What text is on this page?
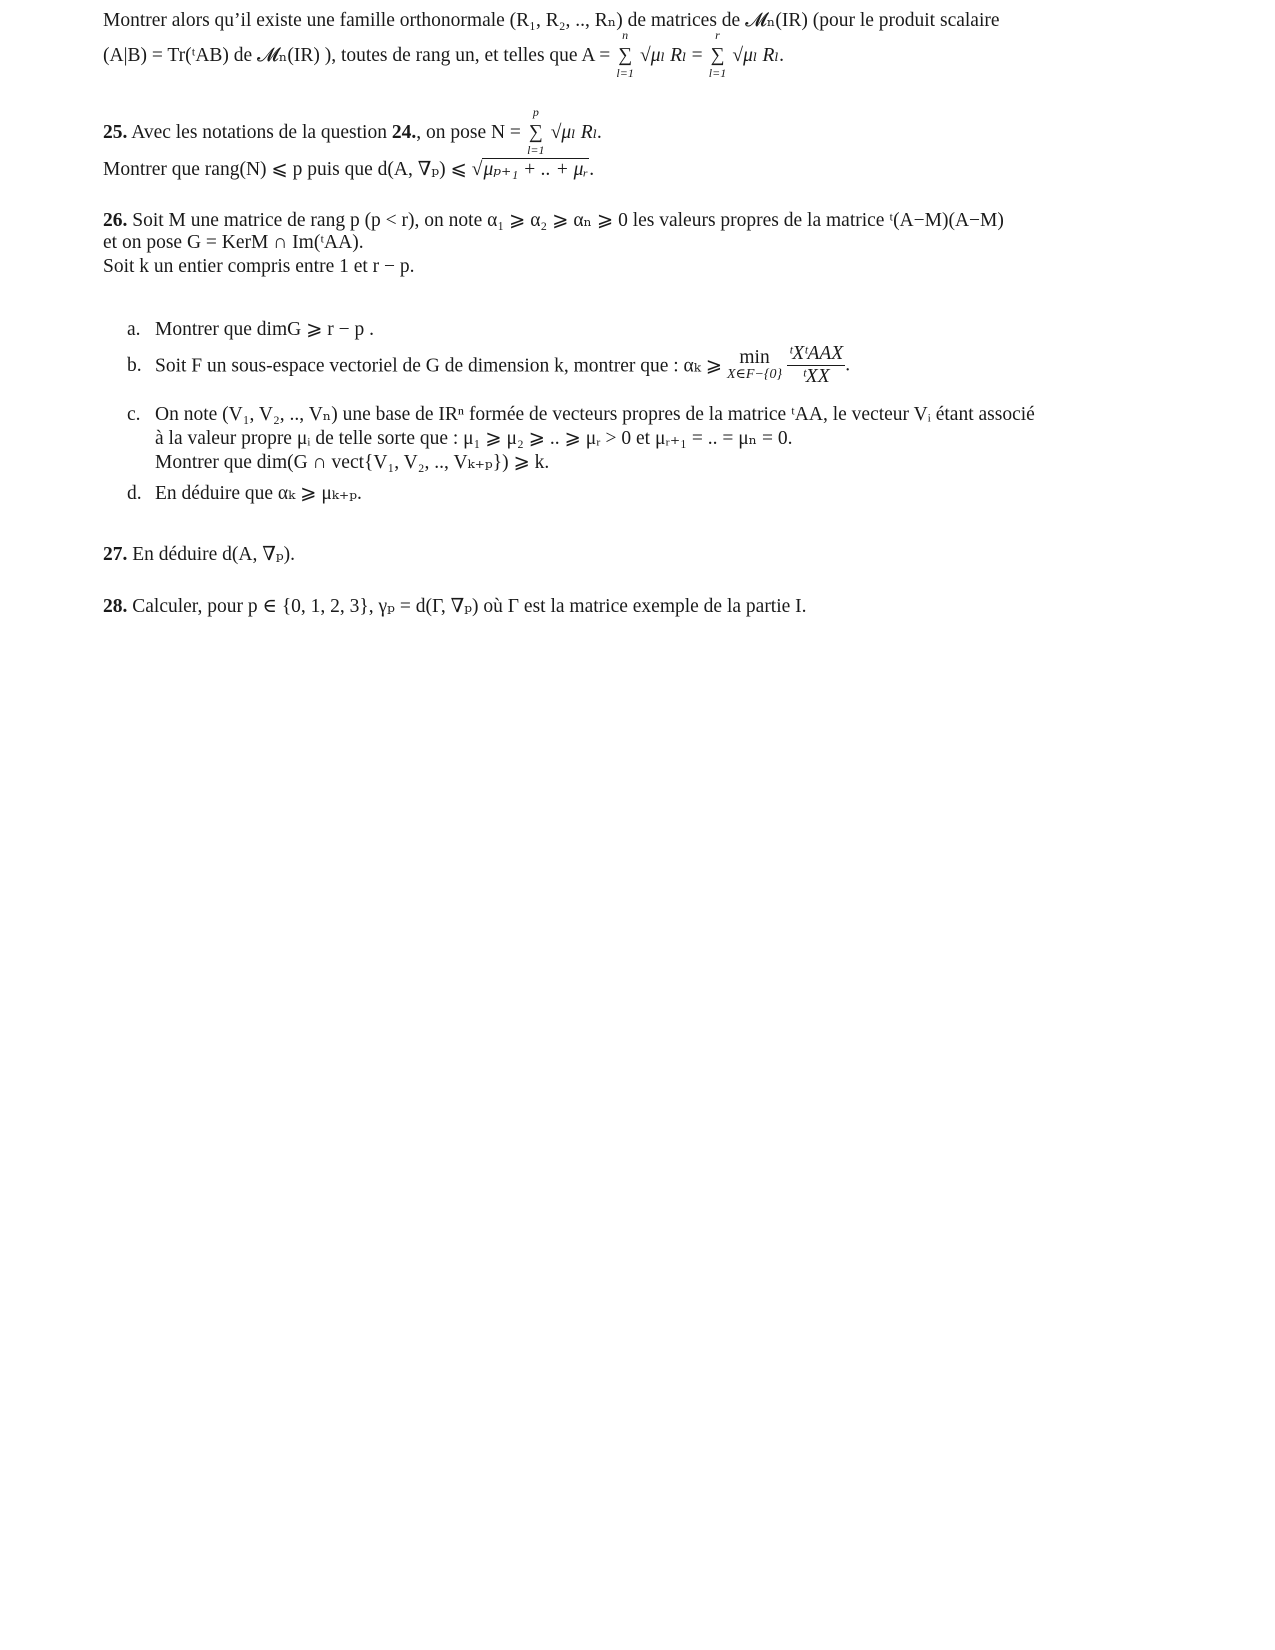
Montrer alors qu’il existe une famille orthonormale (R₁, R₂, .., Rₙ) de matrices de 𝓜ₙ(IR) (pour le produit scalaire
(A|B) = Tr(ᵗAB) de 𝓜ₙ(IR) ), toutes de rang un, et telles que A = ∑
n
l=1
√μₗ Rₗ = ∑
r
l=1
√μₗ Rₗ.
25. Avec les notations de la question 24., on pose N = ∑
p
l=1
√μₗ Rₗ.
Montrer que rang(N) ⩽ p puis que d(A, ∇ₚ) ⩽ √μₚ₊₁ + .. + μᵣ.
26. Soit M une matrice de rang p (p < r), on note α₁ ⩾ α₂ ⩾ αₙ ⩾ 0 les valeurs propres de la matrice ᵗ(A−M)(A−M)
et on pose G = KerM ∩ Im(ᵗAA).
Soit k un entier compris entre 1 et r − p.
a. Montrer que dimG ⩾ r − p .
b. Soit F un sous-espace vectoriel de G de dimension k, montrer que : αₖ ⩾ min
X∈F−{0}
$\frac{\text{ᵗXᵗAAX}}{\text{ᵗXX}}$ .
c. On note (V₁, V₂, .., Vₙ) une base de IRⁿ formée de vecteurs propres de la matrice ᵗAA, le vecteur Vᵢ étant associé
à la valeur propre μᵢ de telle sorte que : μ₁ ⩾ μ₂ ⩾ .. ⩾ μᵣ > 0 et μᵣ₊₁ = .. = μₙ = 0.
Montrer que dim(G ∩ vect{V₁, V₂, .., Vₖ₊ₚ}) ⩾ k.
d. En déduire que αₖ ⩾ μₖ₊ₚ.
27. En déduire d(A, ∇ₚ).
28. Calculer, pour p ∈ {0, 1, 2, 3}, γₚ = d(Γ, ∇ₚ) où Γ est la matrice exemple de la partie I.
